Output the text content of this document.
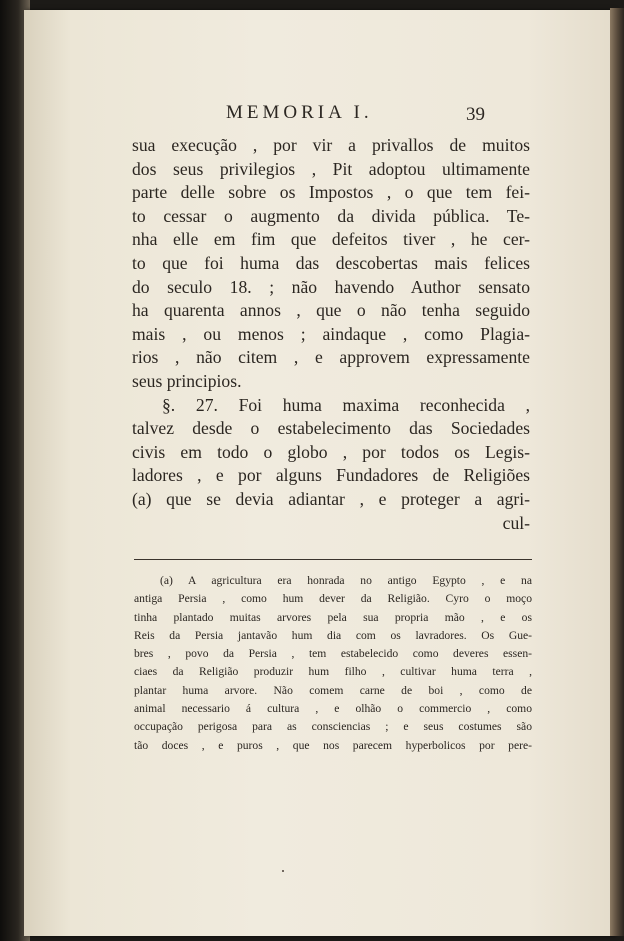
MEMORIA I.	39
sua execução , por vir a privallos de muitos
dos seus privilegios , Pit adoptou ultimamente
parte delle sobre os Impostos , o que tem fei-
to cessar o augmento da divida pública. Te-
nha elle em fim que defeitos tiver , he cer-
to que foi huma das descobertas mais felices
do seculo 18. ; não havendo Author sensato
ha quarenta annos , que o não tenha seguido
mais , ou menos ; aindaque , como Plagia-
rios , não citem , e approvem expressamente
seus principios.
§. 27. Foi huma maxima reconhecida ,
talvez desde o estabelecimento das Sociedades
civis em todo o globo , por todos os Legis-
ladores , e por alguns Fundadores de Religiões
(a) que se devia adiantar , e proteger a agri-
cul-
(a) A agricultura era honrada no antigo Egypto , e na
antiga Persia , como hum dever da Religião. Cyro o moço
tinha plantado muitas arvores pela sua propria mão , e os
Reis da Persia jantavão hum dia com os lavradores. Os Gue-
bres , povo da Persia , tem estabelecido como deveres essen-
ciaes da Religião produzir hum filho , cultivar huma terra ,
plantar huma arvore. Não comem carne de boi , como de
animal necessario á cultura , e olhão o commercio , como
occupação perigosa para as consciencias ; e seus costumes são
tão doces , e puros , que nos parecem hyperbolicos por pere-
